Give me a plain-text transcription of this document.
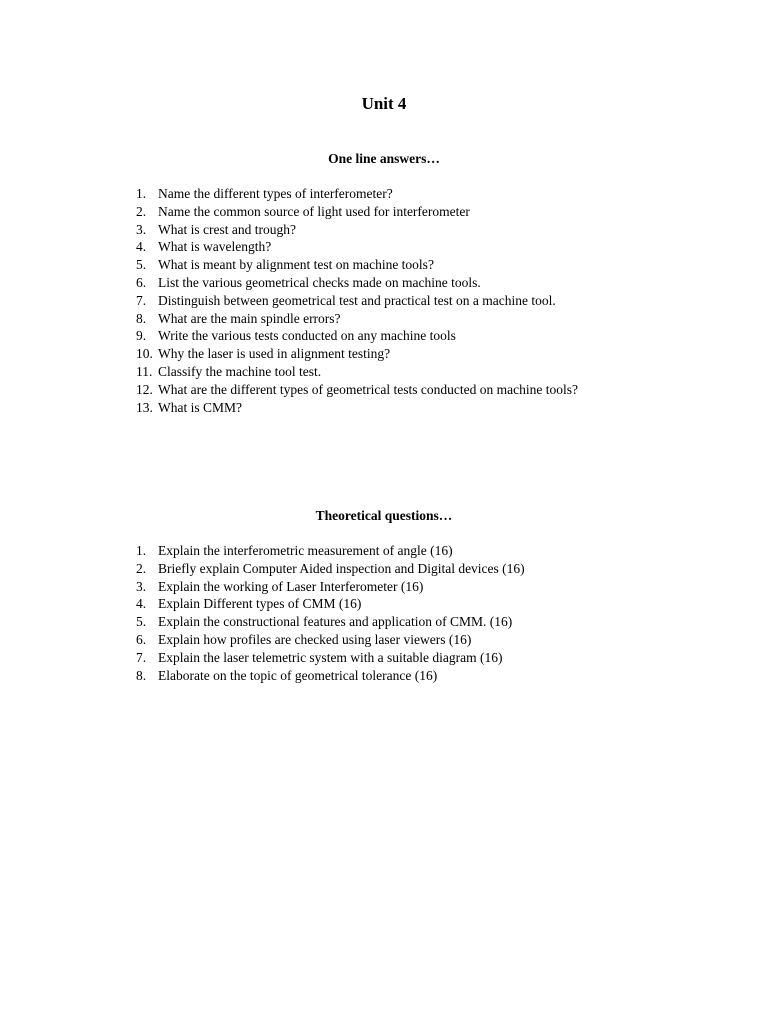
Unit 4
One line answers…
1. Name the different types of interferometer?
2. Name the common source of light used for interferometer
3. What is crest and trough?
4. What is wavelength?
5. What is meant by alignment test on machine tools?
6. List the various geometrical checks made on machine tools.
7. Distinguish between geometrical test and practical test on a machine tool.
8. What are the main spindle errors?
9. Write the various tests conducted on any machine tools
10. Why the laser is used in alignment testing?
11. Classify the machine tool test.
12. What are the different types of geometrical tests conducted on machine tools?
13. What is CMM?
Theoretical questions…
1. Explain the interferometric measurement of angle (16)
2. Briefly explain Computer Aided inspection and Digital devices (16)
3. Explain the working of Laser Interferometer (16)
4. Explain Different types of CMM (16)
5. Explain the constructional features and application of CMM. (16)
6. Explain how profiles are checked using laser viewers (16)
7. Explain the laser telemetric system with a suitable diagram (16)
8. Elaborate on the topic of geometrical tolerance (16)
